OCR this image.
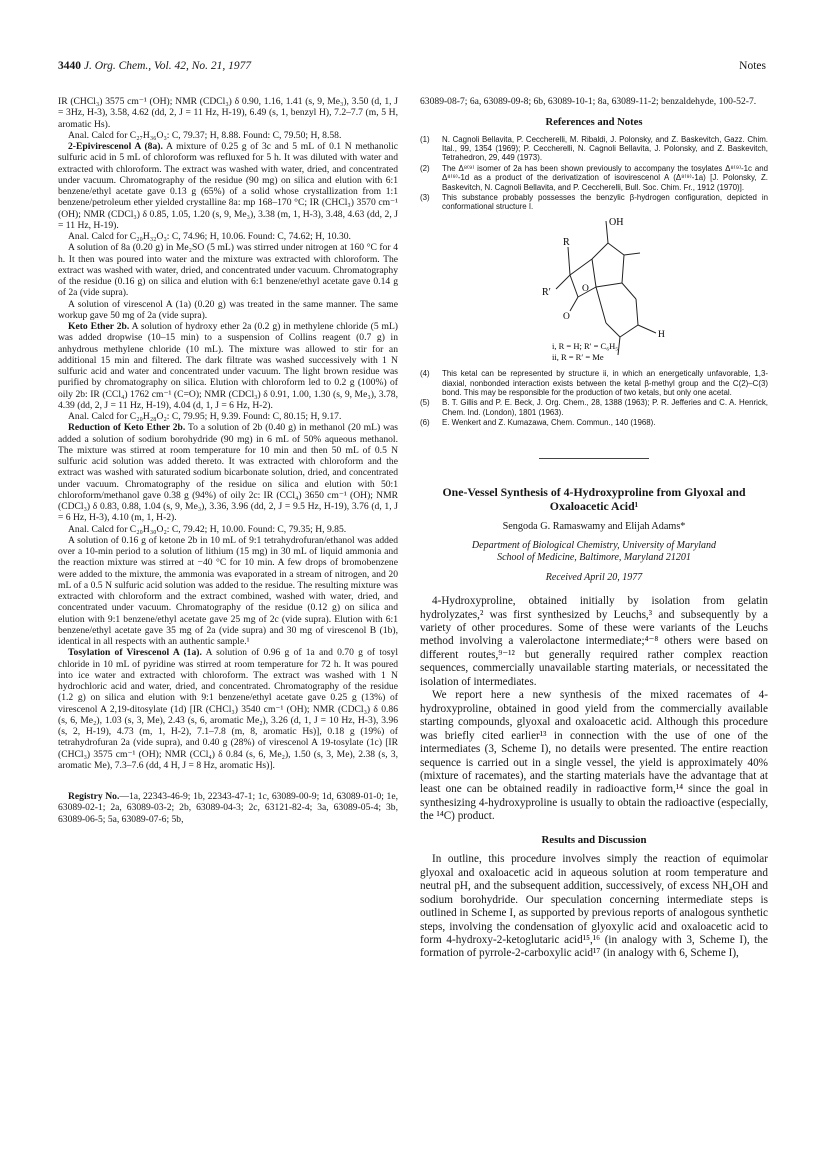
3440 J. Org. Chem., Vol. 42, No. 21, 1977	Notes

IR (CHCl₃) 3575 cm⁻¹ (OH); NMR (CDCl₃) δ 0.90, 1.16, 1.41 (s, 9, Me₃), 3.50 (d, 1, J = 3Hz, H-3), 3.58, 4.62 (dd, 2, J = 11 Hz, H-19), 6.49 (s, 1, benzyl H), 7.2–7.7 (m, 5 H, aromatic Hs).

Anal. Calcd for C₂₇H₃₆O₃: C, 79.37; H, 8.88. Found: C, 79.50; H, 8.58.

2-Epivirescenol A (8a). A mixture of 0.25 g of 3c and 5 mL of 0.1 N methanolic sulfuric acid in 5 mL of chloroform was refluxed for 5 h. It was diluted with water and extracted with chloroform. The extract was washed with water, dried, and concentrated under vacuum. Chromatography of the residue (90 mg) on silica and elution with 6:1 benzene/ethyl acetate gave 0.13 g (65%) of a solid whose crystallization from 1:1 benzene/petroleum ether yielded crystalline 8a: mp 168–170 °C; IR (CHCl₃) 3570 cm⁻¹ (OH); NMR (CDCl₃) δ 0.85, 1.05, 1.20 (s, 9, Me₃), 3.38 (m, 1, H-3), 3.48, 4.63 (dd, 2, J = 11 Hz, H-19).

Anal. Calcd for C₂₀H₃₂O₃: C, 74.96; H, 10.06. Found: C, 74.62; H, 10.30.

A solution of 8a (0.20 g) in Me₂SO (5 mL) was stirred under nitrogen at 160 °C for 4 h. It then was poured into water and the mixture was extracted with chloroform. The extract was washed with water, dried, and concentrated under vacuum. Chromatography of the residue (0.16 g) on silica and elution with 6:1 benzene/ethyl acetate gave 0.14 g of 2a (vide supra).

A solution of virescenol A (1a) (0.20 g) was treated in the same manner. The same workup gave 50 mg of 2a (vide supra).

Keto Ether 2b. A solution of hydroxy ether 2a (0.2 g) in methylene chloride (5 mL) was added dropwise (10–15 min) to a suspension of Collins reagent (0.7 g) in anhydrous methylene chloride (10 mL). The mixture was allowed to stir for an additional 15 min and filtered. The dark filtrate was washed successively with 1 N sulfuric acid and water and concentrated under vacuum. The light brown residue was purified by chromatography on silica. Elution with chloroform led to 0.2 g (100%) of oily 2b: IR (CCl₄) 1762 cm⁻¹ (C=O); NMR (CDCl₃) δ 0.91, 1.00, 1.30 (s, 9, Me₃), 3.78, 4.39 (dd, 2, J = 11 Hz, H-19), 4.04 (d, 1, J = 6 Hz, H-2).

Anal. Calcd for C₂₀H₂₈O₂: C, 79.95; H, 9.39. Found: C, 80.15; H, 9.17.

Reduction of Keto Ether 2b. To a solution of 2b (0.40 g) in methanol (20 mL) was added a solution of sodium borohydride (90 mg) in 6 mL of 50% aqueous methanol. The mixture was stirred at room temperature for 10 min and then 50 mL of 0.5 N sulfuric acid solution was added thereto. It was extracted with chloroform and the extract was washed with saturated sodium bicarbonate solution, dried, and concentrated under vacuum. Chromatography of the residue on silica and elution with 50:1 chloroform/methanol gave 0.38 g (94%) of oily 2c: IR (CCl₄) 3650 cm⁻¹ (OH); NMR (CDCl₃) δ 0.83, 0.88, 1.04 (s, 9, Me₃), 3.36, 3.96 (dd, 2, J = 9.5 Hz, H-19), 3.76 (d, 1, J = 6 Hz, H-3), 4.10 (m, 1, H-2).

Anal. Calcd for C₂₀H₃₀O₂: C, 79.42; H, 10.00. Found: C, 79.35; H, 9.85.

A solution of 0.16 g of ketone 2b in 10 mL of 9:1 tetrahydrofuran/ethanol was added over a 10-min period to a solution of lithium (15 mg) in 30 mL of liquid ammonia and the reaction mixture was stirred at −40 °C for 10 min. A few drops of bromobenzene were added to the mixture, the ammonia was evaporated in a stream of nitrogen, and 20 mL of a 0.5 N sulfuric acid solution was added to the residue. The resulting mixture was extracted with chloroform and the extract combined, washed with water, dried, and concentrated under vacuum. Chromatography of the residue (0.12 g) on silica and elution with 9:1 benzene/ethyl acetate gave 25 mg of 2c (vide supra). Elution with 6:1 benzene/ethyl acetate gave 35 mg of 2a (vide supra) and 30 mg of virescenol B (1b), identical in all respects with an authentic sample.¹

Tosylation of Virescenol A (1a). A solution of 0.96 g of 1a and 0.70 g of tosyl chloride in 10 mL of pyridine was stirred at room temperature for 72 h. It was poured into ice water and extracted with chloroform. The extract was washed with 1 N hydrochloric acid and water, dried, and concentrated. Chromatography of the residue (1.2 g) on silica and elution with 9:1 benzene/ethyl acetate gave 0.25 g (13%) of virescenol A 2,19-ditosylate (1d) [IR (CHCl₃) 3540 cm⁻¹ (OH); NMR (CDCl₃) δ 0.86 (s, 6, Me₂), 1.03 (s, 3, Me), 2.43 (s, 6, aromatic Me₂), 3.26 (d, 1, J = 10 Hz, H-3), 3.96 (s, 2, H-19), 4.73 (m, 1, H-2), 7.1–7.8 (m, 8, aromatic Hs)], 0.18 g (19%) of tetrahydrofuran 2a (vide supra), and 0.40 g (28%) of virescenol A 19-tosylate (1c) [IR (CHCl₃) 3575 cm⁻¹ (OH); NMR (CCl₄) δ 0.84 (s, 6, Me₂), 1.50 (s, 3, Me), 2.38 (s, 3, aromatic Me), 7.3–7.6 (dd, 4 H, J = 8 Hz, aromatic Hs)].

Registry No.—1a, 22343-46-9; 1b, 22343-47-1; 1c, 63089-00-9; 1d, 63089-01-0; 1e, 63089-02-1; 2a, 63089-03-2; 2b, 63089-04-3; 2c, 63121-82-4; 3a, 63089-05-4; 3b, 63089-06-5; 5a, 63089-07-6; 5b,

63089-08-7; 6a, 63089-09-8; 6b, 63089-10-1; 8a, 63089-11-2; benzaldehyde, 100-52-7.

References and Notes
(1) N. Cagnoli Bellavita, P. Ceccherelli, M. Ribaldi, J. Polonsky, and Z. Baskevitch, Gazz. Chim. Ital., 99, 1354 (1969); P. Ceccherelli, N. Cagnoli Bellavita, J. Polonsky, and Z. Baskevitch, Tetrahedron, 29, 449 (1973).
(2) The Δ⁸⁽⁹⁾ isomer of 2a has been shown previously to accompany the tosylates Δ⁸⁽⁹⁾-1c and Δ⁸⁽⁹⁾-1d as a product of the derivatization of isovirescenol A (Δ⁸⁽⁹⁾-1a) [J. Polonsky, Z. Baskevitch, N. Cagnoli Bellavita, and P. Ceccherelli, Bull. Soc. Chim. Fr., 1912 (1970)].
(3) This substance probably possesses the benzylic β-hydrogen configuration, depicted in conformational structure I.
OH
R
R′	O
O
H
i, R = H; R′ = C₆H₅
ii, R = R′ = Me
(4) This ketal can be represented by structure ii, in which an energetically unfavorable, 1,3-diaxial, nonbonded interaction exists between the ketal β-methyl group and the C(2)–C(3) bond. This may be responsible for the production of two ketals, but only one acetal.
(5) B. T. Gillis and P. E. Beck, J. Org. Chem., 28, 1388 (1963); P. R. Jefferies and C. A. Henrick, Chem. Ind. (London), 1801 (1963).
(6) E. Wenkert and Z. Kumazawa, Chem. Commun., 140 (1968).
One-Vessel Synthesis of 4-Hydroxyproline from Glyoxal and Oxaloacetic Acid¹
Sengoda G. Ramaswamy and Elijah Adams*
Department of Biological Chemistry, University of Maryland
School of Medicine, Baltimore, Maryland 21201
Received April 20, 1977

4-Hydroxyproline, obtained initially by isolation from gelatin hydrolyzates,² was first synthesized by Leuchs,³ and subsequently by a variety of other procedures. Some of these were variants of the Leuchs method involving a valerolactone intermediate;⁴⁻⁸ others were based on different routes,⁹⁻¹² but generally required rather complex reaction sequences, commercially unavailable starting materials, or necessitated the isolation of intermediates.

We report here a new synthesis of the mixed racemates of 4-hydroxyproline, obtained in good yield from the commercially available starting compounds, glyoxal and oxaloacetic acid. Although this procedure was briefly cited earlier¹³ in connection with the use of one of the intermediates (3, Scheme I), no details were presented. The entire reaction sequence is carried out in a single vessel, the yield is approximately 40% (mixture of racemates), and the starting materials have the advantage that at least one can be obtained readily in radioactive form,¹⁴ since the goal in synthesizing 4-hydroxyproline is usually to obtain the radioactive (especially, the ¹⁴C) product.

Results and Discussion

In outline, this procedure involves simply the reaction of equimolar glyoxal and oxaloacetic acid in aqueous solution at room temperature and neutral pH, and the subsequent addition, successively, of excess NH₄OH and sodium borohydride. Our speculation concerning intermediate steps is outlined in Scheme I, as supported by previous reports of analogous synthetic steps, involving the condensation of glyoxylic acid and oxaloacetic acid to form 4-hydroxy-2-ketoglutaric acid¹⁵,¹⁶ (in analogy with 3, Scheme I), the formation of pyrrole-2-carboxylic acid¹⁷ (in analogy with 6, Scheme I),
